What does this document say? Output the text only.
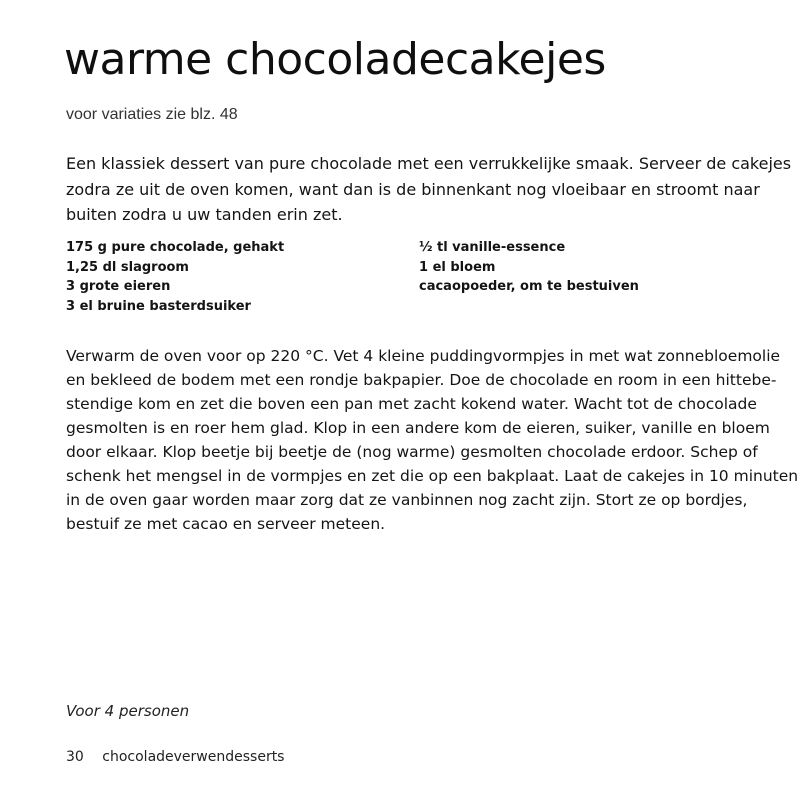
warme chocoladecakejes
voor variaties zie blz. 48
Een klassiek dessert van pure chocolade met een verrukkelijke smaak. Serveer de cakejes
zodra ze uit de oven komen, want dan is de binnenkant nog vloeibaar en stroomt naar
buiten zodra u uw tanden erin zet.
175 g pure chocolade, gehakt
1,25 dl slagroom
3 grote eieren
3 el bruine basterdsuiker
½ tl vanille-essence
1 el bloem
cacaopoeder, om te bestuiven
Verwarm de oven voor op 220 °C. Vet 4 kleine puddingvormpjes in met wat zonnebloemolie
en bekleed de bodem met een rondje bakpapier. Doe de chocolade en room in een hittebe-
stendige kom en zet die boven een pan met zacht kokend water. Wacht tot de chocolade
gesmolten is en roer hem glad. Klop in een andere kom de eieren, suiker, vanille en bloem
door elkaar. Klop beetje bij beetje de (nog warme) gesmolten chocolade erdoor. Schep of
schenk het mengsel in de vormpjes en zet die op een bakplaat. Laat de cakejes in 10 minuten
in de oven gaar worden maar zorg dat ze vanbinnen nog zacht zijn. Stort ze op bordjes,
bestuif ze met cacao en serveer meteen.
Voor 4 personen
30 chocoladeverwendesserts
